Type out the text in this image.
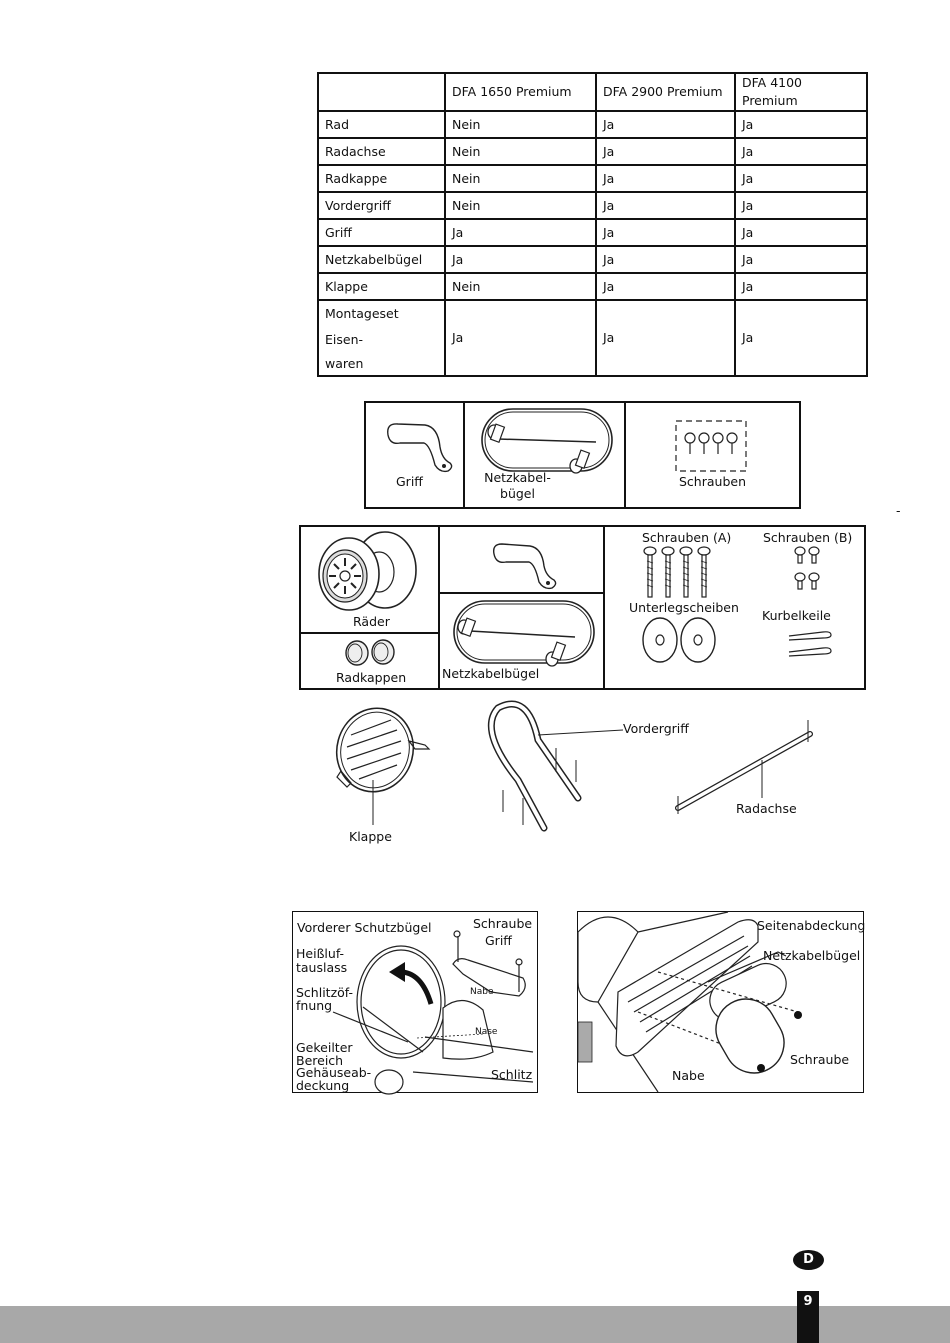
	DFA 1650 Premium	DFA 2900 Premium	DFA 4100 Premium
Rad	Nein	Ja	Ja
Radachse	Nein	Ja	Ja
Radkappe	Nein	Ja	Ja
Vordergriff	Nein	Ja	Ja
Griff	Ja	Ja	Ja
Netzkabelbügel	Ja	Ja	Ja
Klappe	Nein	Ja	Ja

Montageset Eisen-
waren	Ja	Ja	Ja
Griff	Netzkabel-
bügel
Schrauben
-
Räder
Radkappen	Netzkabelbügel
Schrauben (A)	Schrauben (B)
Unterlegscheiben
Kurbelkeile
Klappe
Vordergriff
Radachse
Vorderer Schutzbügel	Schraube
Griff
Heißluf-
tauslass
Schlitzöf-
fnung
Nabe
Nase
Gekeilter
Bereich
Gehäuseab-
deckung
Schlitz
Seitenabdeckung
Netzkabelbügel
Schraube
Nabe
D
9
